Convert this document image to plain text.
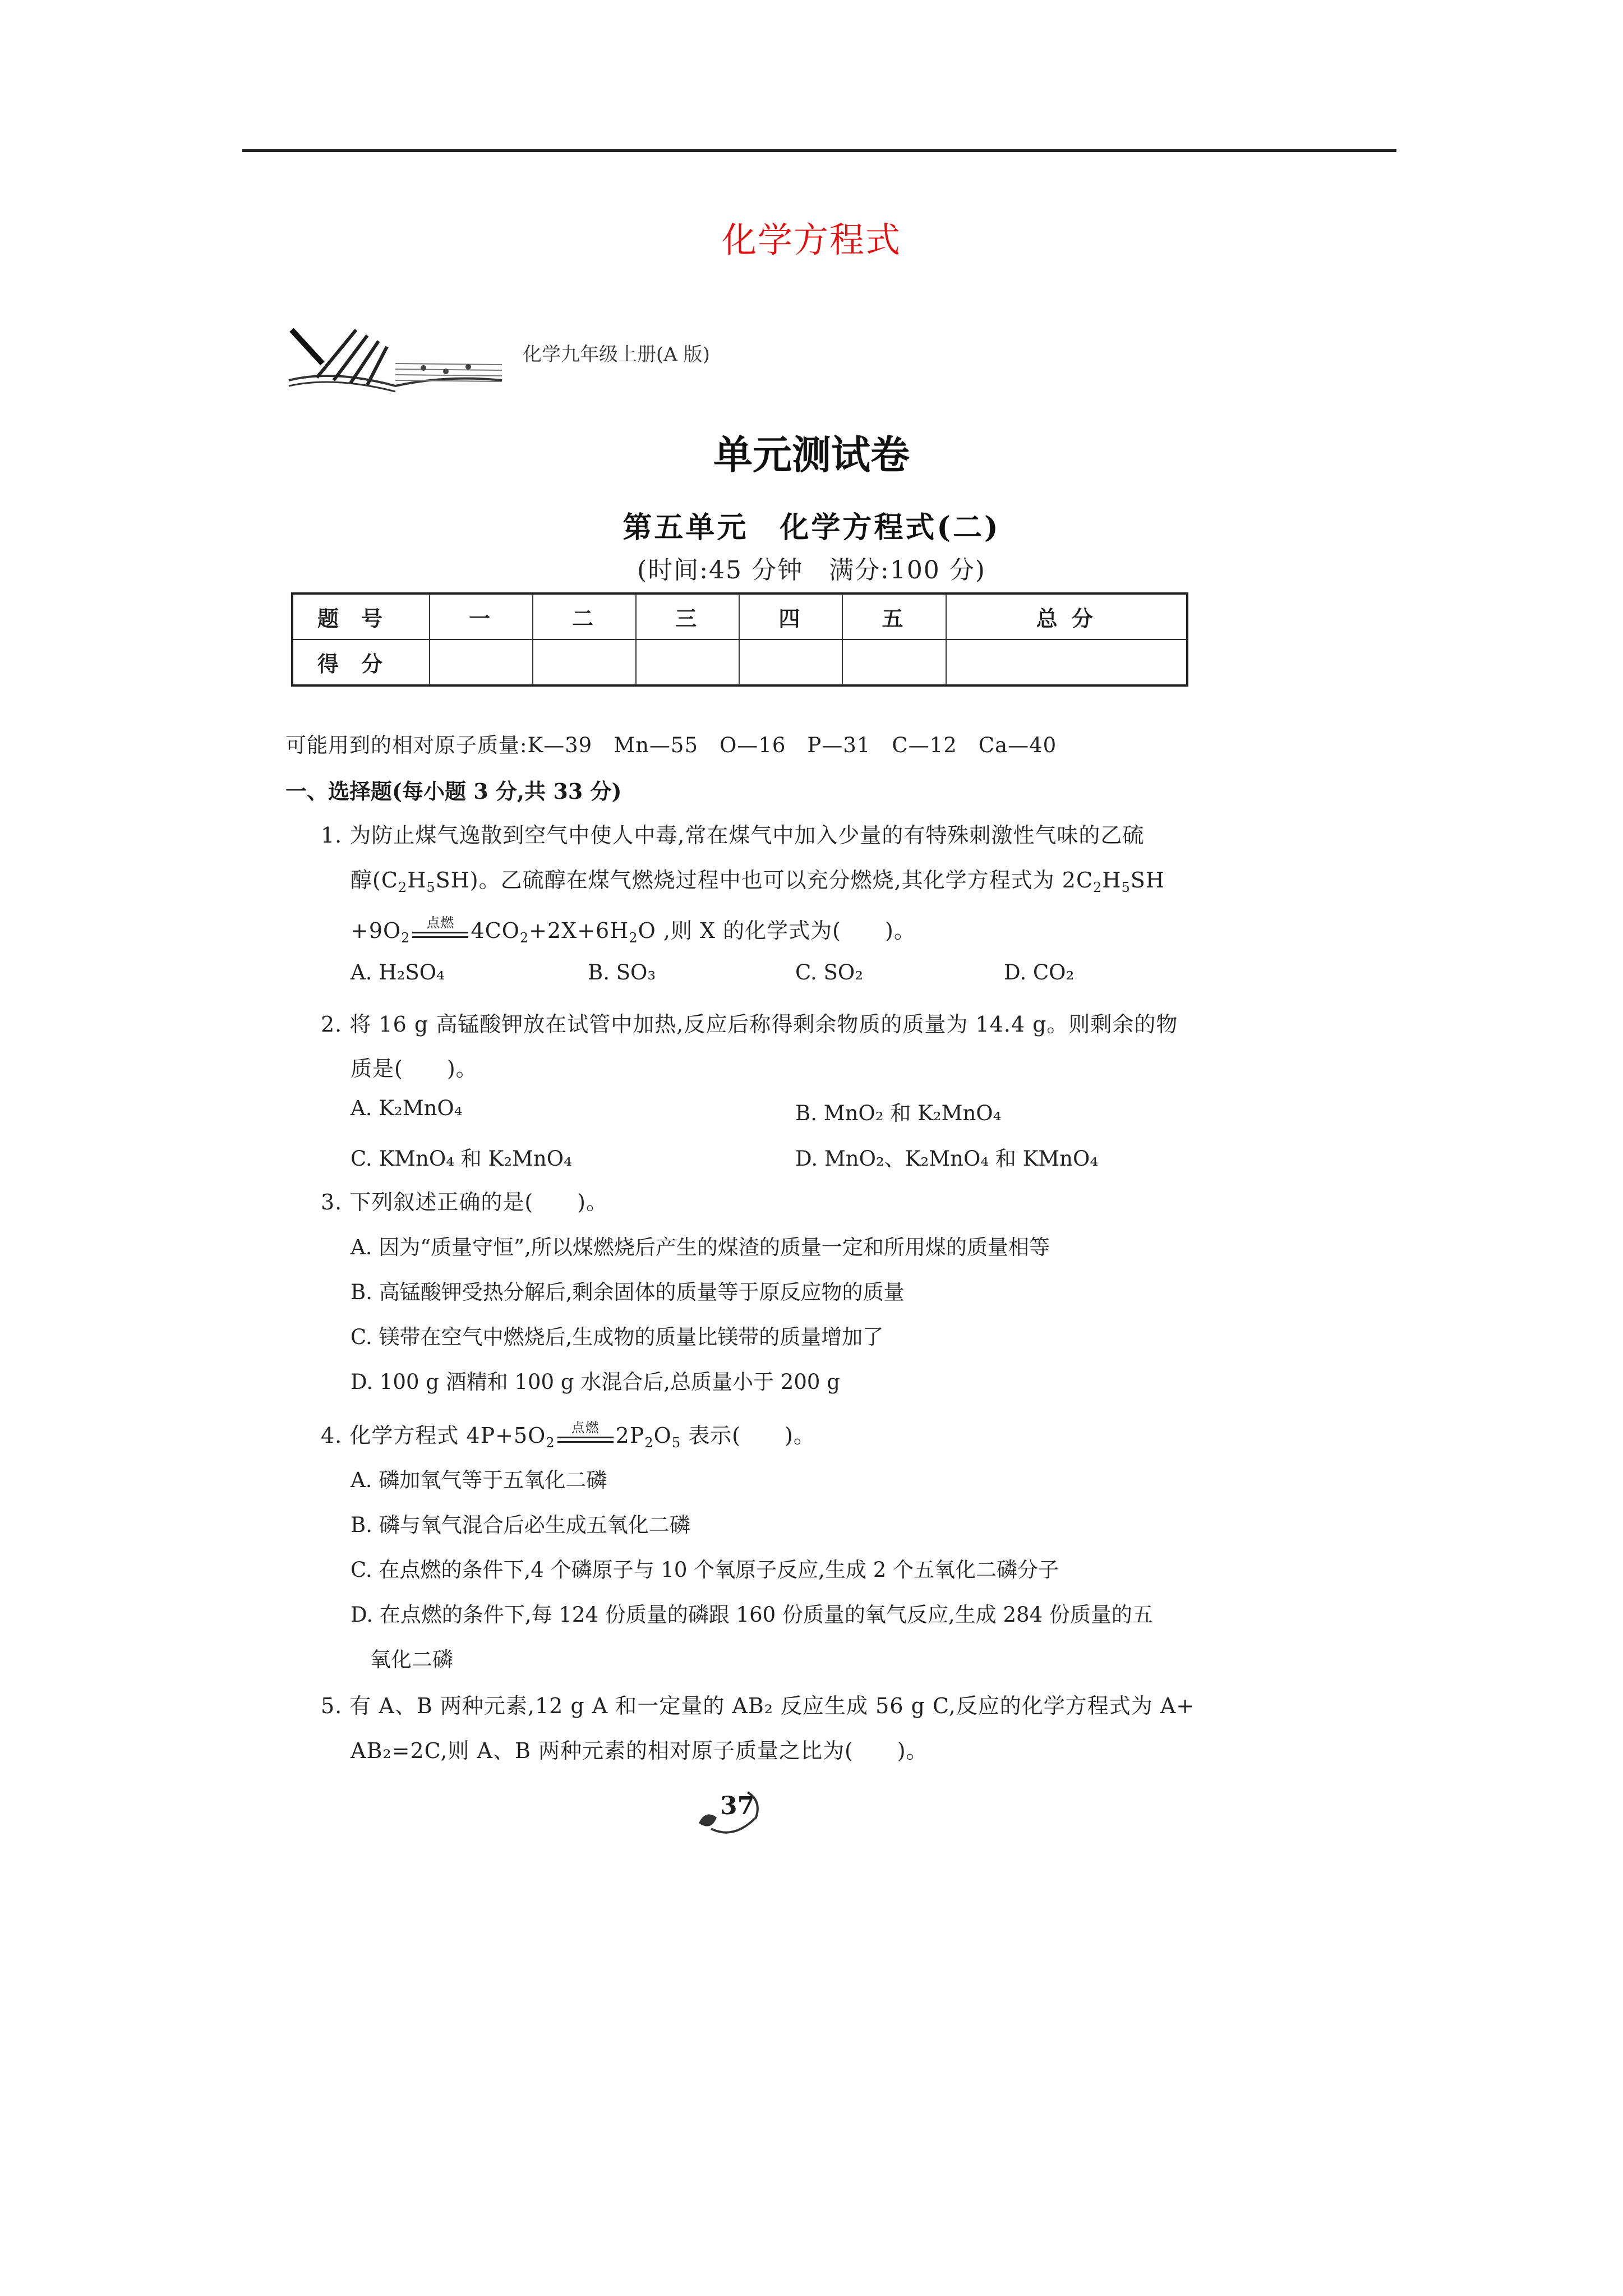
化学方程式
化学九年级上册(A 版)
单元测试卷
第五单元　化学方程式(二)
(时间:45 分钟　满分:100 分)
题号	一	二	三	四	五	总 分
得分						
可能用到的相对原子质量:K—39　Mn—55　O—16　P—31　C—12　Ca—40
一、选择题(每小题 3 分,共 33 分)
1. 为防止煤气逸散到空气中使人中毒,常在煤气中加入少量的有特殊刺激性气味的乙硫
醇$(C_2H_5SH)$。乙硫醇在煤气燃烧过程中也可以充分燃烧,其化学方程式为 $2C_2H_5SH$
$+9O_2$
点燃 $4CO_2+2X+6H_2O$ ,则 X 的化学式为(　　)。
A. H₂SO₄	B. SO₃	C. SO₂	D. CO₂
2. 将 16 g 高锰酸钾放在试管中加热,反应后称得剩余物质的质量为 14.4 g。则剩余的物
质是(　　)。
A. K₂MnO₄	B. MnO₂ 和 K₂MnO₄
C. KMnO₄ 和 K₂MnO₄	D. MnO₂、K₂MnO₄ 和 KMnO₄
3. 下列叙述正确的是(　　)。
A. 因为“质量守恒”,所以煤燃烧后产生的煤渣的质量一定和所用煤的质量相等
B. 高锰酸钾受热分解后,剩余固体的质量等于原反应物的质量
C. 镁带在空气中燃烧后,生成物的质量比镁带的质量增加了
D. 100 g 酒精和 100 g 水混合后,总质量小于 200 g
4. 化学方程式 $4P+5O_2$
点燃 $2P_2O_5$ 表示(　　)。
A. 磷加氧气等于五氧化二磷
B. 磷与氧气混合后必生成五氧化二磷
C. 在点燃的条件下,4 个磷原子与 10 个氧原子反应,生成 2 个五氧化二磷分子
D. 在点燃的条件下,每 124 份质量的磷跟 160 份质量的氧气反应,生成 284 份质量的五
氧化二磷
5. 有 A、B 两种元素,12 g A 和一定量的 AB₂ 反应生成 56 g C,反应的化学方程式为 A+
AB₂=2C,则 A、B 两种元素的相对原子质量之比为(　　)。
37
